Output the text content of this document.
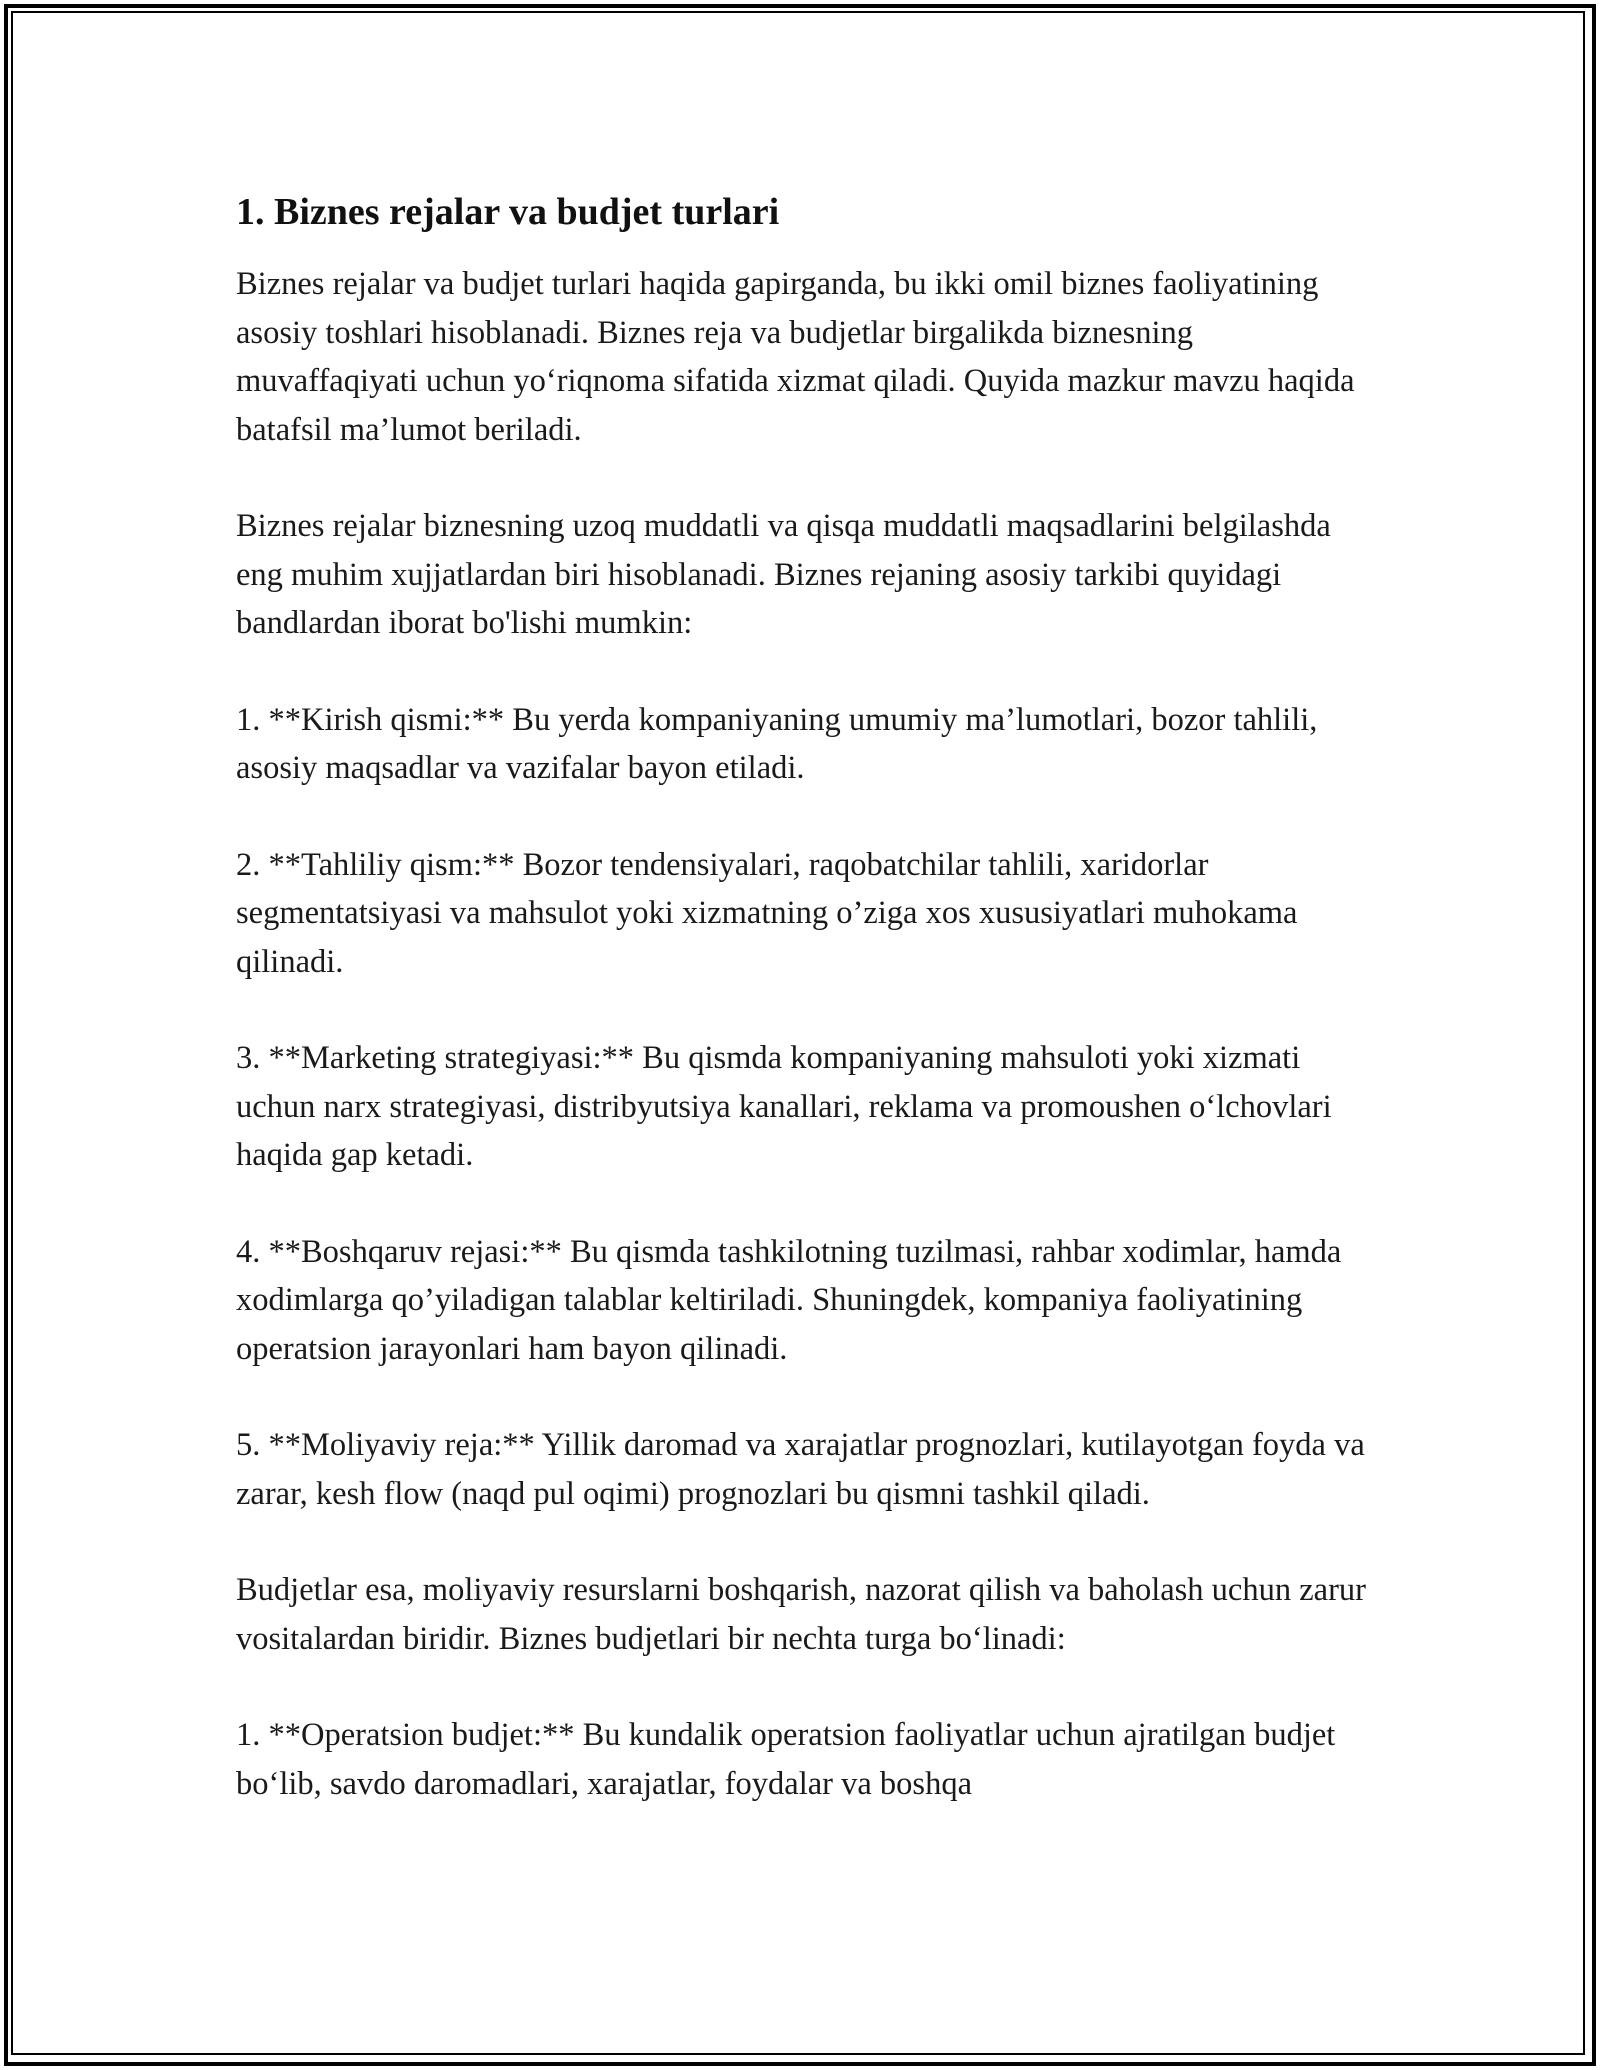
1. Biznes rejalar va budjet turlari

Biznes rejalar va budjet turlari haqida gapirganda, bu ikki omil biznes faoliyatining asosiy toshlari hisoblanadi. Biznes reja va budjetlar birgalikda biznesning muvaffaqiyati uchun yo‘riqnoma sifatida xizmat qiladi. Quyida mazkur mavzu haqida batafsil ma’lumot beriladi.

Biznes rejalar biznesning uzoq muddatli va qisqa muddatli maqsadlarini belgilashda eng muhim xujjatlardan biri hisoblanadi. Biznes rejaning asosiy tarkibi quyidagi bandlardan iborat bo'lishi mumkin:

1. **Kirish qismi:** Bu yerda kompaniyaning umumiy ma’lumotlari, bozor tahlili, asosiy maqsadlar va vazifalar bayon etiladi.

2. **Tahliliy qism:** Bozor tendensiyalari, raqobatchilar tahlili, xaridorlar segmentatsiyasi va mahsulot yoki xizmatning o’ziga xos xususiyatlari muhokama qilinadi.

3. **Marketing strategiyasi:** Bu qismda kompaniyaning mahsuloti yoki xizmati uchun narx strategiyasi, distribyutsiya kanallari, reklama va promoushen o‘lchovlari haqida gap ketadi.

4. **Boshqaruv rejasi:** Bu qismda tashkilotning tuzilmasi, rahbar xodimlar, hamda xodimlarga qo’yiladigan talablar keltiriladi. Shuningdek, kompaniya faoliyatining operatsion jarayonlari ham bayon qilinadi.

5. **Moliyaviy reja:** Yillik daromad va xarajatlar prognozlari, kutilayotgan foyda va zarar, kesh flow (naqd pul oqimi) prognozlari bu qismni tashkil qiladi.

Budjetlar esa, moliyaviy resurslarni boshqarish, nazorat qilish va baholash uchun zarur vositalardan biridir. Biznes budjetlari bir nechta turga bo‘linadi:

1. **Operatsion budjet:** Bu kundalik operatsion faoliyatlar uchun ajratilgan budjet bo‘lib, savdo daromadlari, xarajatlar, foydalar va boshqa
